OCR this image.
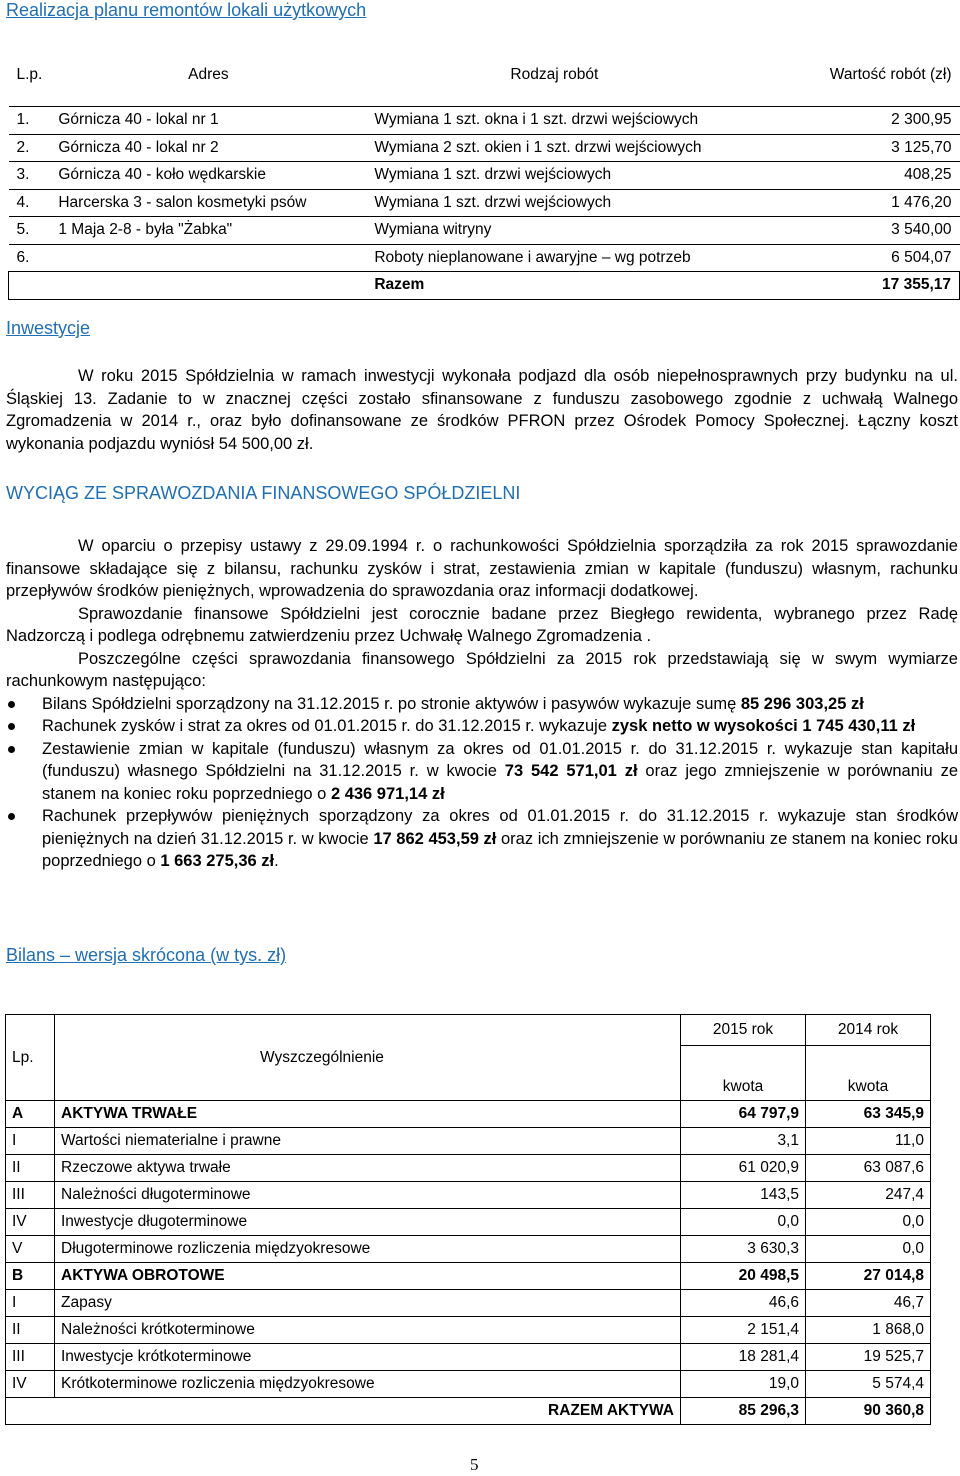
Realizacja planu remontów lokali użytkowych
L.p.	Adres	Rodzaj robót	Wartość robót (zł)
1.	Górnicza 40 - lokal nr 1	Wymiana 1 szt. okna i 1 szt. drzwi wejściowych	2 300,95
2.	Górnicza 40 - lokal nr 2	Wymiana 2 szt. okien i 1 szt. drzwi wejściowych	3 125,70
3.	Górnicza 40 - koło wędkarskie	Wymiana 1 szt. drzwi wejściowych	408,25
4.	Harcerska 3 - salon kosmetyki psów	Wymiana 1 szt. drzwi wejściowych	1 476,20
5.	1 Maja 2-8 - była "Żabka"	Wymiana witryny	3 540,00
6.		Roboty nieplanowane i awaryjne – wg potrzeb	6 504,07
		Razem	17 355,17
Inwestycje

W roku 2015 Spółdzielnia w ramach inwestycji wykonała podjazd dla osób niepełnosprawnych przy budynku na ul. Śląskiej 13. Zadanie to w znacznej części zostało sfinansowane z funduszu zasobowego zgodnie z uchwałą Walnego Zgromadzenia w 2014 r., oraz było dofinansowane ze środków PFRON przez Ośrodek Pomocy Społecznej. Łączny koszt wykonania podjazdu wyniósł 54 500,00 zł.

WYCIĄG ZE SPRAWOZDANIA FINANSOWEGO SPÓŁDZIELNI

W oparciu o przepisy ustawy z 29.09.1994 r. o rachunkowości Spółdzielnia sporządziła za rok 2015 sprawozdanie finansowe składające się z bilansu, rachunku zysków i strat, zestawienia zmian w kapitale (funduszu) własnym, rachunku przepływów środków pieniężnych, wprowadzenia do sprawozdania oraz informacji dodatkowej.

Sprawozdanie finansowe Spółdzielni jest corocznie badane przez Biegłego rewidenta, wybranego przez Radę Nadzorczą i podlega odrębnemu zatwierdzeniu przez Uchwałę Walnego Zgromadzenia .

Poszczególne części sprawozdania finansowego Spółdzielni za 2015 rok przedstawiają się w swym wymiarze rachunkowym następująco:

Bilans Spółdzielni sporządzony na 31.12.2015 r. po stronie aktywów i pasywów wykazuje sumę 85 296 303,25 zł
Rachunek zysków i strat za okres od 01.01.2015 r. do 31.12.2015 r. wykazuje zysk netto w wysokości 1 745 430,11 zł
Zestawienie zmian w kapitale (funduszu) własnym za okres od 01.01.2015 r. do 31.12.2015 r. wykazuje stan kapitału (funduszu) własnego Spółdzielni na 31.12.2015 r. w kwocie 73 542 571,01 zł oraz jego zmniejszenie w porównaniu ze stanem na koniec roku poprzedniego o 2 436 971,14 zł
Rachunek przepływów pieniężnych sporządzony za okres od 01.01.2015 r. do 31.12.2015 r. wykazuje stan środków pieniężnych na dzień 31.12.2015 r. w kwocie 17 862 453,59 zł oraz ich zmniejszenie w porównaniu ze stanem na koniec roku poprzedniego o 1 663 275,36 zł.
Bilans – wersja skrócona (w tys. zł)
Lp.	Wyszczególnienie	2015 rok	2014 rok
		kwota	kwota
A	AKTYWA TRWAŁE	64 797,9	63 345,9
I	Wartości niematerialne i prawne	3,1	11,0
II	Rzeczowe aktywa trwałe	61 020,9	63 087,6
III	Należności długoterminowe	143,5	247,4
IV	Inwestycje długoterminowe	0,0	0,0
V	Długoterminowe rozliczenia międzyokresowe	3 630,3	0,0
B	AKTYWA OBROTOWE	20 498,5	27 014,8
I	Zapasy	46,6	46,7
II	Należności krótkoterminowe	2 151,4	1 868,0
III	Inwestycje krótkoterminowe	18 281,4	19 525,7
IV	Krótkoterminowe rozliczenia międzyokresowe	19,0	5 574,4
	RAZEM AKTYWA	85 296,3	90 360,8
5
